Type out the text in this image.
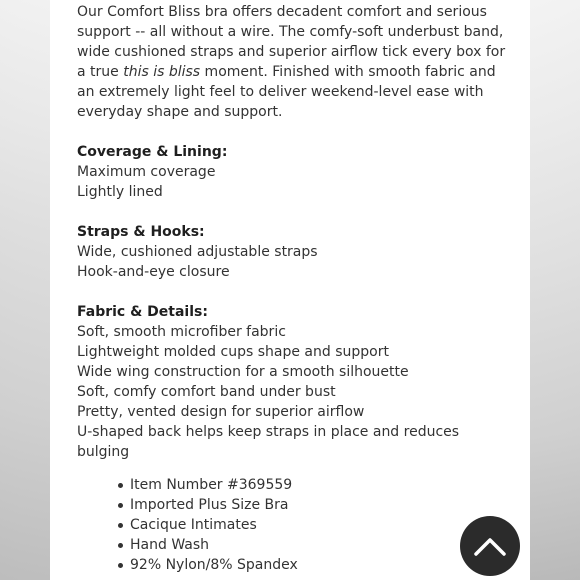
Our Comfort Bliss bra offers decadent comfort and serious support -- all without a wire. The comfy-soft underbust band, wide cushioned straps and superior airflow tick every box for a true this is bliss moment. Finished with smooth fabric and an extremely light feel to deliver weekend-level ease with everyday shape and support.
Coverage & Lining:
Maximum coverage
Lightly lined
Straps & Hooks:
Wide, cushioned adjustable straps
Hook-and-eye closure
Fabric & Details:
Soft, smooth microfiber fabric
Lightweight molded cups shape and support
Wide wing construction for a smooth silhouette
Soft, comfy comfort band under bust
Pretty, vented design for superior airflow
U-shaped back helps keep straps in place and reduces
bulging
Item Number #369559
Imported Plus Size Bra
Cacique Intimates
Hand Wash
92% Nylon/8% Spandex
